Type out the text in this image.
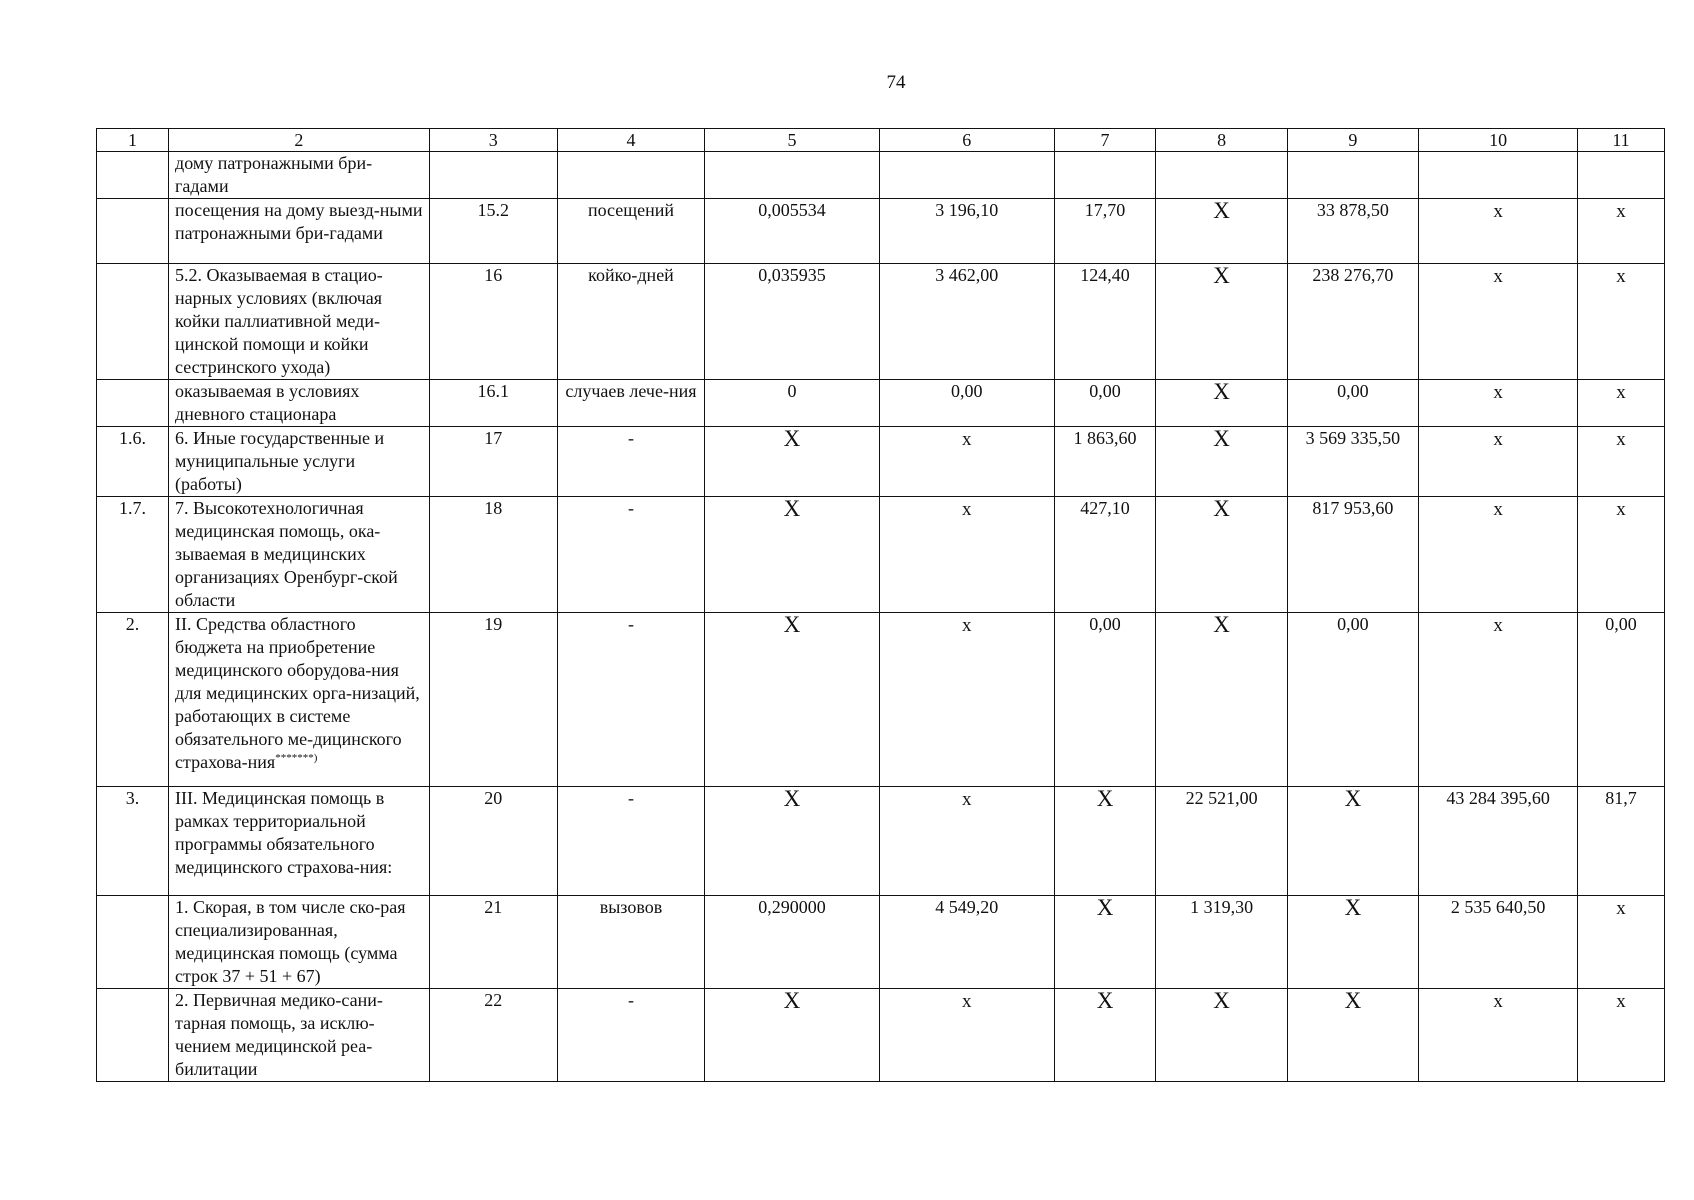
74
1	2	3	4	5	6	7	8	9	10	11
	дому патронажными бри-гадами									
	посещения на дому выезд-ными патронажными бри-гадами	15.2	посещений	0,005534	3 196,10	17,70	X	33 878,50	x	x
	5.2. Оказываемая в стацио-нарных условиях (включая койки паллиативной меди-цинской помощи и койки сестринского ухода)	16	койко-дней	0,035935	3 462,00	124,40	X	238 276,70	x	x
	оказываемая в условиях дневного стационара	16.1	случаев лече-ния	0	0,00	0,00	X	0,00	x	x
1.6.	6. Иные государственные и муниципальные услуги (работы)	17	-	X	x	1 863,60	X	3 569 335,50	x	x
1.7.	7. Высокотехнологичная медицинская помощь, ока-зываемая в медицинских организациях Оренбург-ской области	18	-	X	x	427,10	X	817 953,60	x	x
2.	II. Средства областного бюджета на приобретение медицинского оборудова-ния для медицинских орга-низаций, работающих в системе обязательного ме-дицинского страхова-ния*******)	19	-	X	x	0,00	X	0,00	x	0,00
3.	III. Медицинская помощь в рамках территориальной программы обязательного медицинского страхова-ния:	20	-	X	x	X	22 521,00	X	43 284 395,60	81,7
	1. Скорая, в том числе ско-рая специализированная, медицинская помощь (сумма строк 37 + 51 + 67)	21	вызовов	0,290000	4 549,20	X	1 319,30	X	2 535 640,50	x
	2. Первичная медико-сани-тарная помощь, за исклю-чением медицинской реа-билитации	22	-	X	x	X	X	X	x	x
